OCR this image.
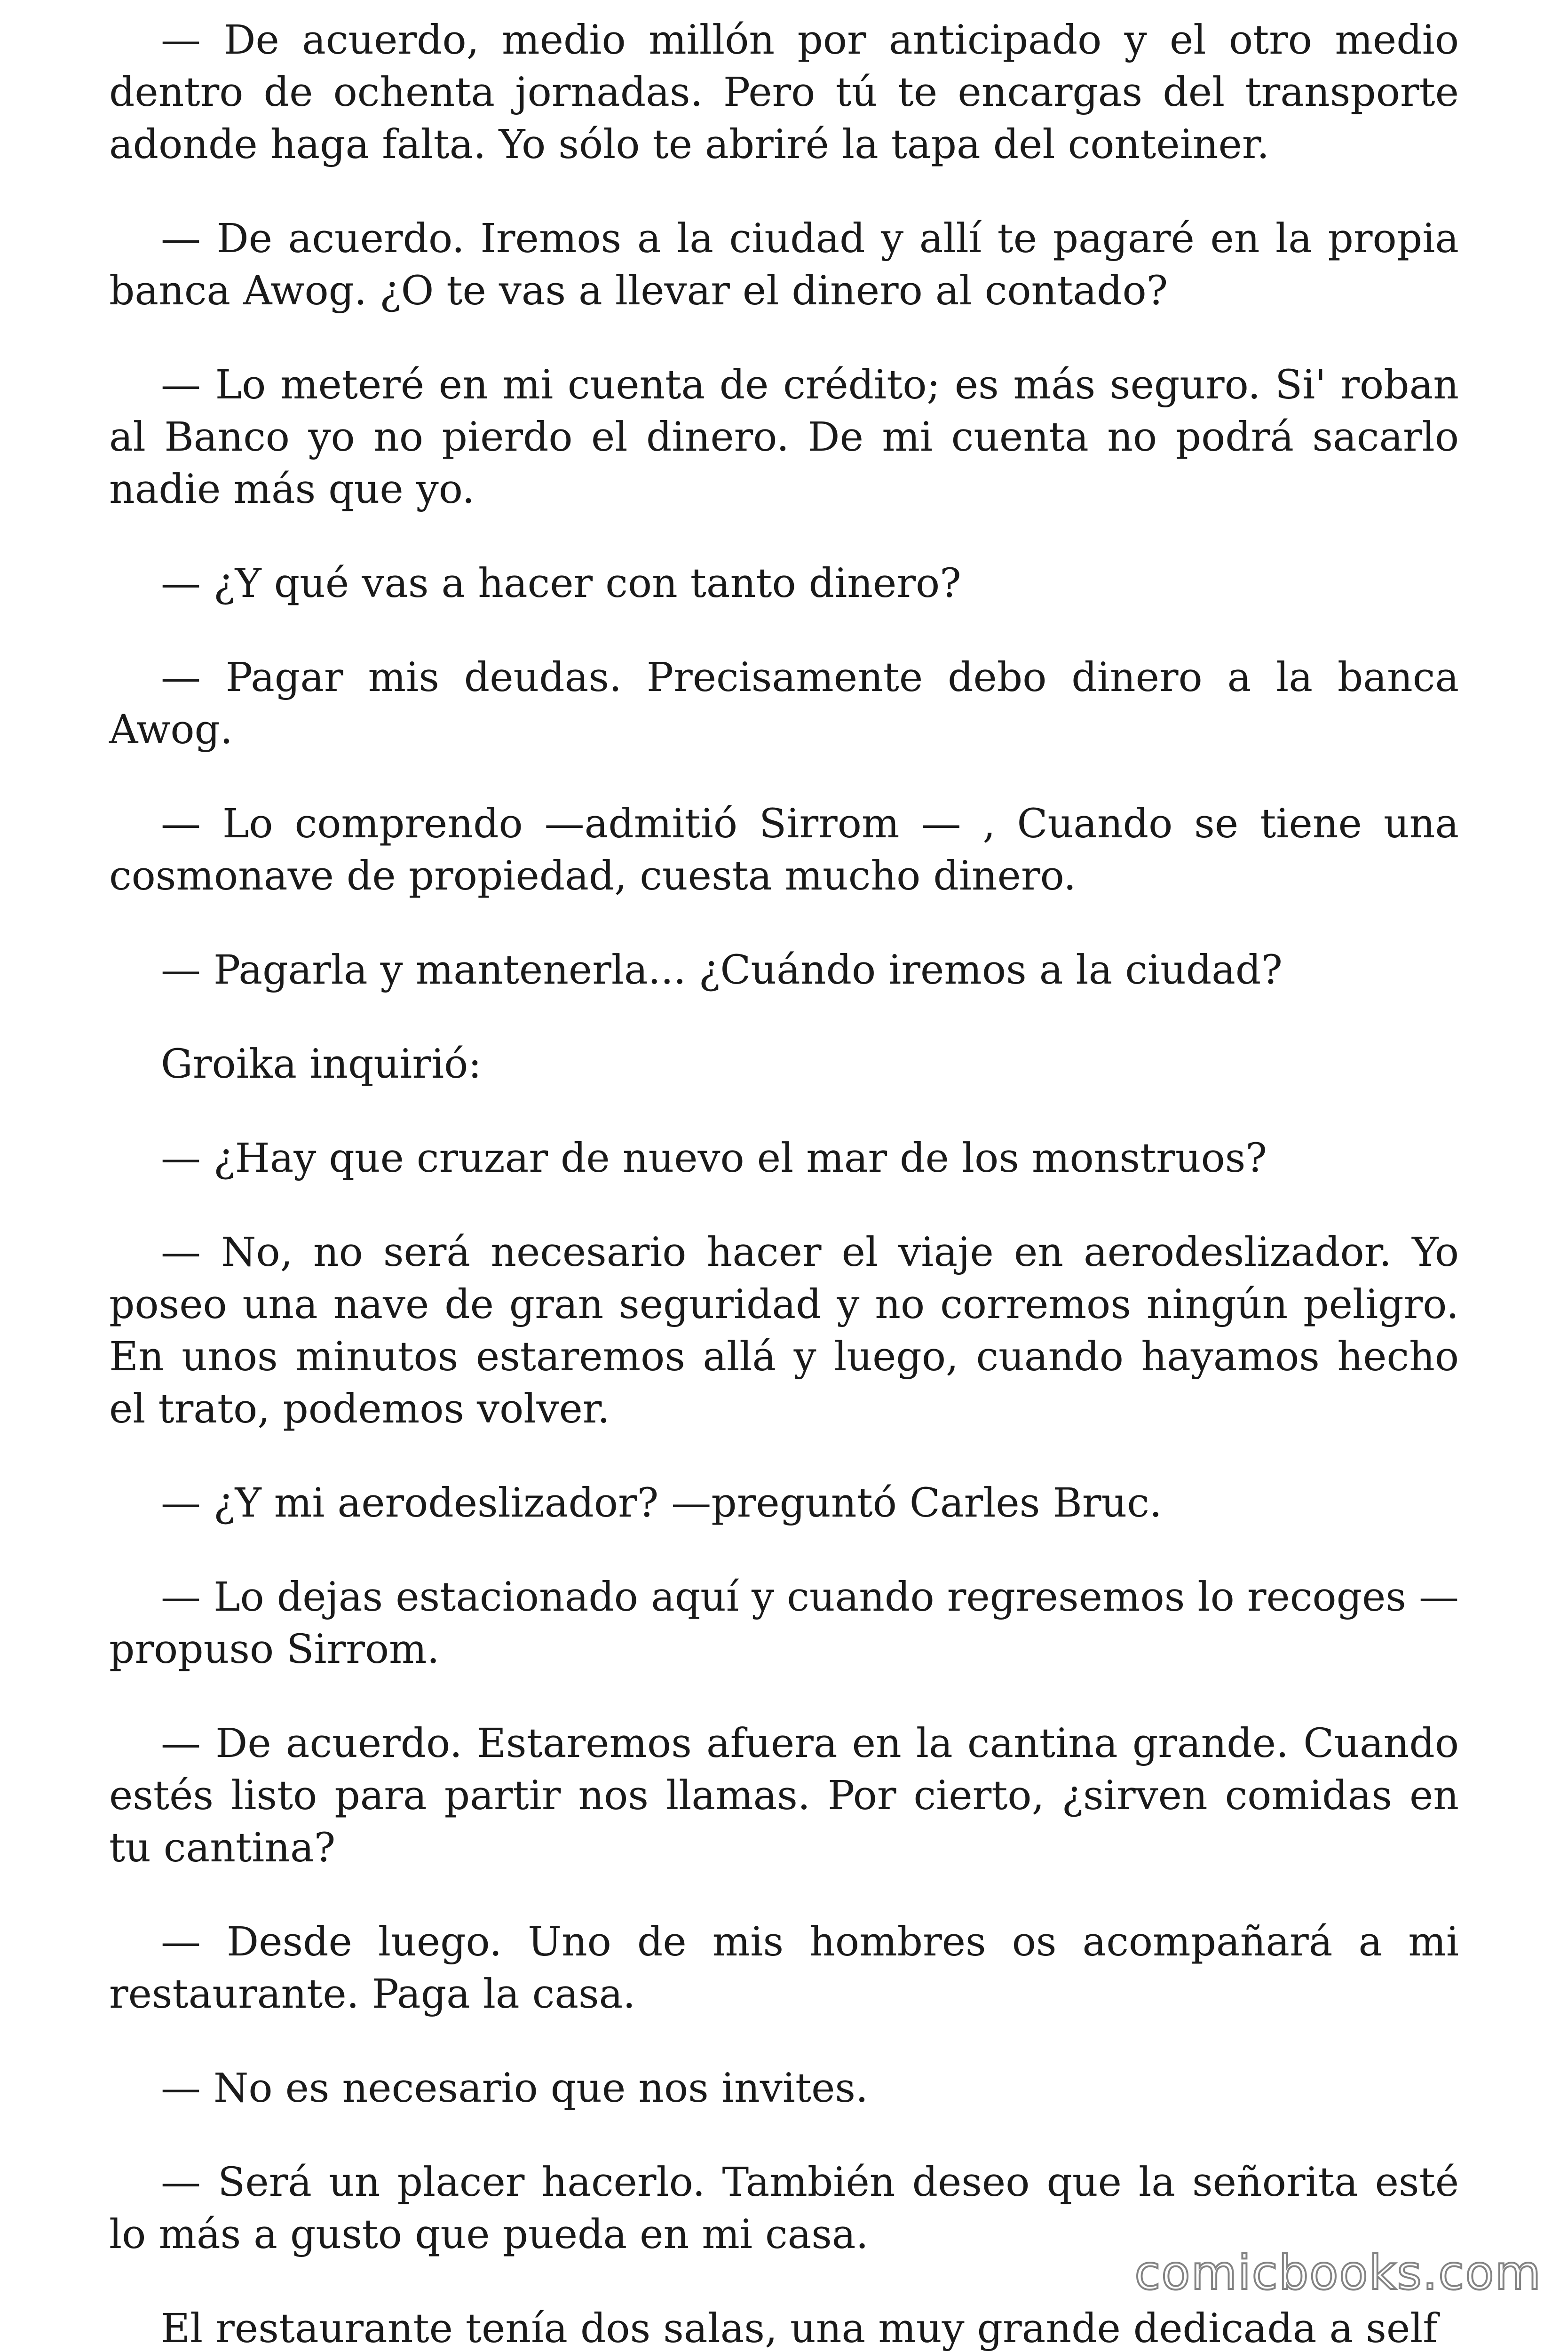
— De acuerdo, medio millón por anticipado y el otro medio dentro de ochenta jornadas. Pero tú te encargas del transporte adonde haga falta. Yo sólo te abriré la tapa del conteiner.

— De acuerdo. Iremos a la ciudad y allí te pagaré en la propia banca Awog. ¿O te vas a llevar el dinero al contado?

— Lo meteré en mi cuenta de crédito; es más seguro. Si' roban al Banco yo no pierdo el dinero. De mi cuenta no podrá sacarlo nadie más que yo.

— ¿Y qué vas a hacer con tanto dinero?

— Pagar mis deudas. Precisamente debo dinero a la banca Awog.

— Lo comprendo —admitió Sirrom — , Cuando se tiene una cosmonave de propiedad, cuesta mucho dinero.

— Pagarla y mantenerla... ¿Cuándo iremos a la ciudad?

Groika inquirió:

— ¿Hay que cruzar de nuevo el mar de los monstruos?

— No, no será necesario hacer el viaje en aerodeslizador. Yo poseo una nave de gran seguridad y no corremos ningún peligro. En unos minutos estaremos allá y luego, cuando hayamos hecho el trato, podemos volver.

— ¿Y mi aerodeslizador? —preguntó Carles Bruc.

— Lo dejas estacionado aquí y cuando regresemos lo recoges — propuso Sirrom.

— De acuerdo. Estaremos afuera en la cantina grande. Cuando estés listo para partir nos llamas. Por cierto, ¿sirven comidas en tu cantina?

— Desde luego. Uno de mis hombres os acompañará a mi restaurante. Paga la casa.

— No es necesario que nos invites.

— Será un placer hacerlo. También deseo que la señorita esté lo más a gusto que pueda en mi casa.

El restaurante tenía dos salas, una muy grande dedicada a self

comicbooks.com
